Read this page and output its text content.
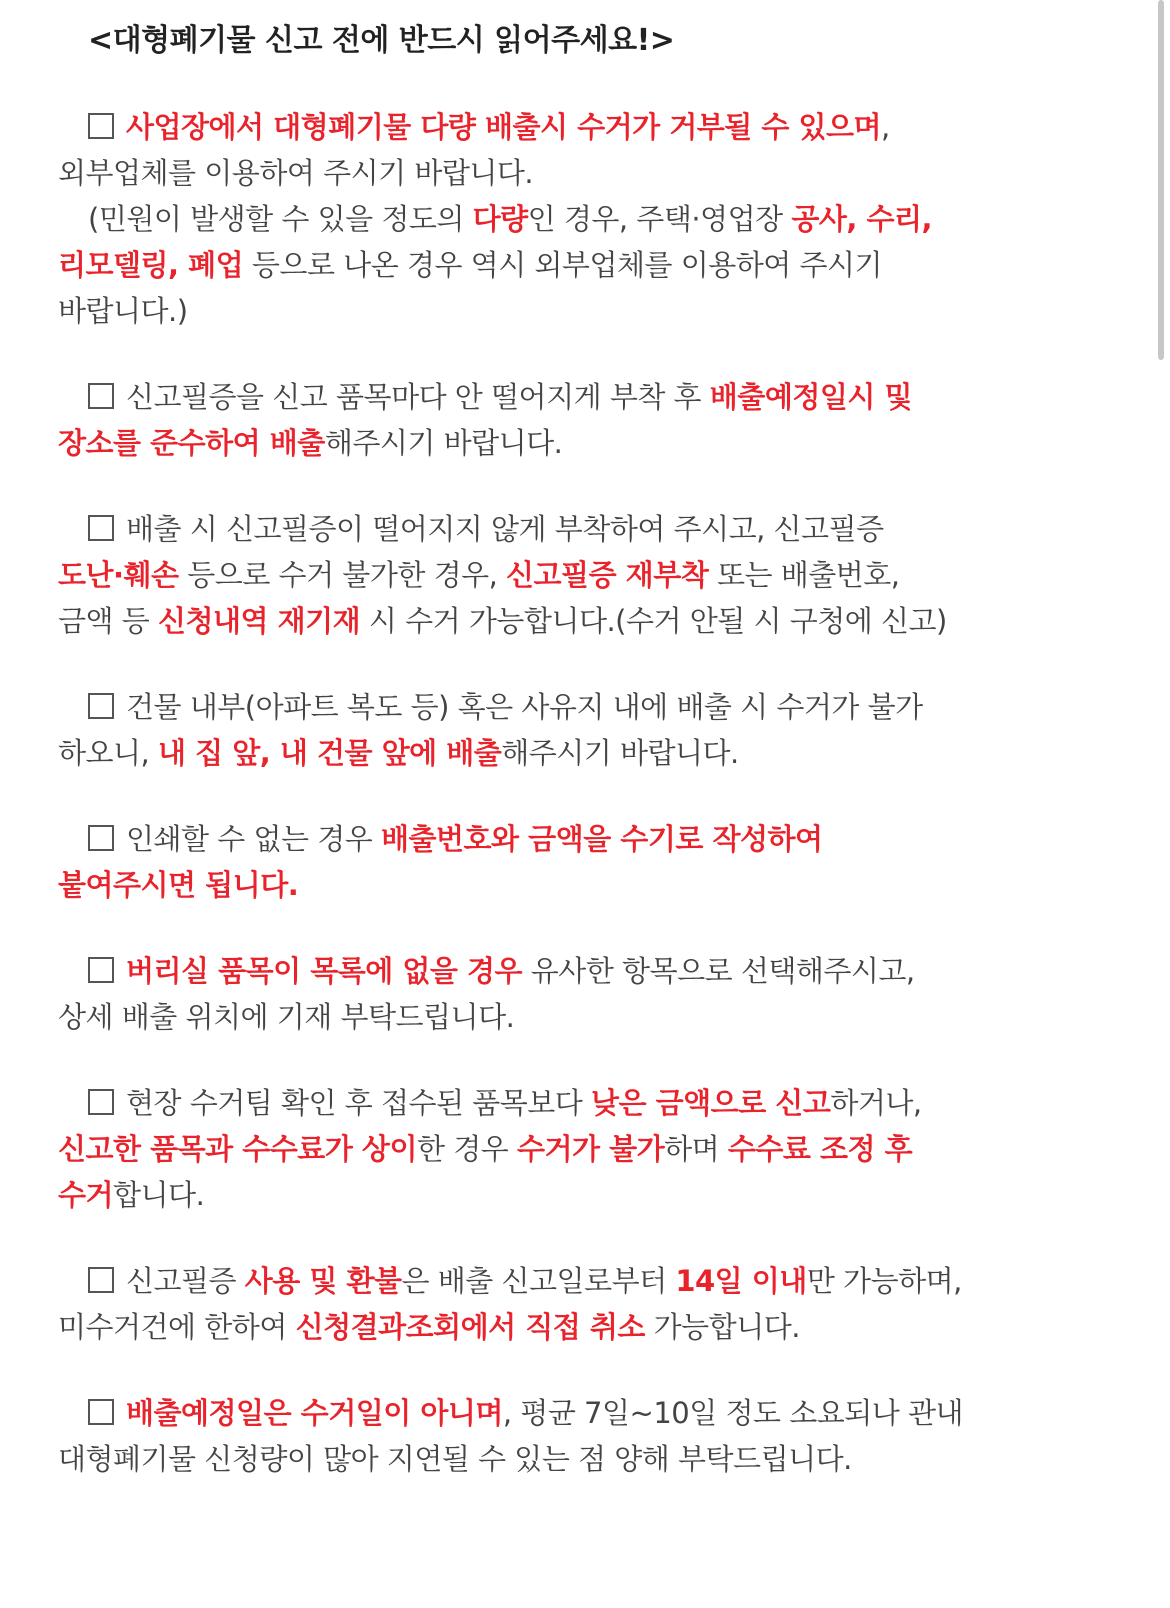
<대형폐기물 신고 전에 반드시 읽어주세요!>
사업장에서 대형폐기물 다량 배출시 수거가 거부될 수 있으며,
외부업체를 이용하여 주시기 바랍니다.
(민원이 발생할 수 있을 정도의 다량인 경우, 주택·영업장 공사, 수리,
리모델링, 폐업 등으로 나온 경우 역시 외부업체를 이용하여 주시기
바랍니다.)
신고필증을 신고 품목마다 안 떨어지게 부착 후 배출예정일시 및
장소를 준수하여 배출해주시기 바랍니다.
배출 시 신고필증이 떨어지지 않게 부착하여 주시고, 신고필증
도난·훼손 등으로 수거 불가한 경우, 신고필증 재부착 또는 배출번호,
금액 등 신청내역 재기재 시 수거 가능합니다.(수거 안될 시 구청에 신고)
건물 내부(아파트 복도 등) 혹은 사유지 내에 배출 시 수거가 불가
하오니, 내 집 앞, 내 건물 앞에 배출해주시기 바랍니다.
인쇄할 수 없는 경우 배출번호와 금액을 수기로 작성하여
붙여주시면 됩니다.
버리실 품목이 목록에 없을 경우 유사한 항목으로 선택해주시고,
상세 배출 위치에 기재 부탁드립니다.
현장 수거팀 확인 후 접수된 품목보다 낮은 금액으로 신고하거나,
신고한 품목과 수수료가 상이한 경우 수거가 불가하며 수수료 조정 후
수거합니다.
신고필증 사용 및 환불은 배출 신고일로부터 14일 이내만 가능하며,
미수거건에 한하여 신청결과조회에서 직접 취소 가능합니다.
배출예정일은 수거일이 아니며, 평균 7일~10일 정도 소요되나 관내
대형폐기물 신청량이 많아 지연될 수 있는 점 양해 부탁드립니다.
